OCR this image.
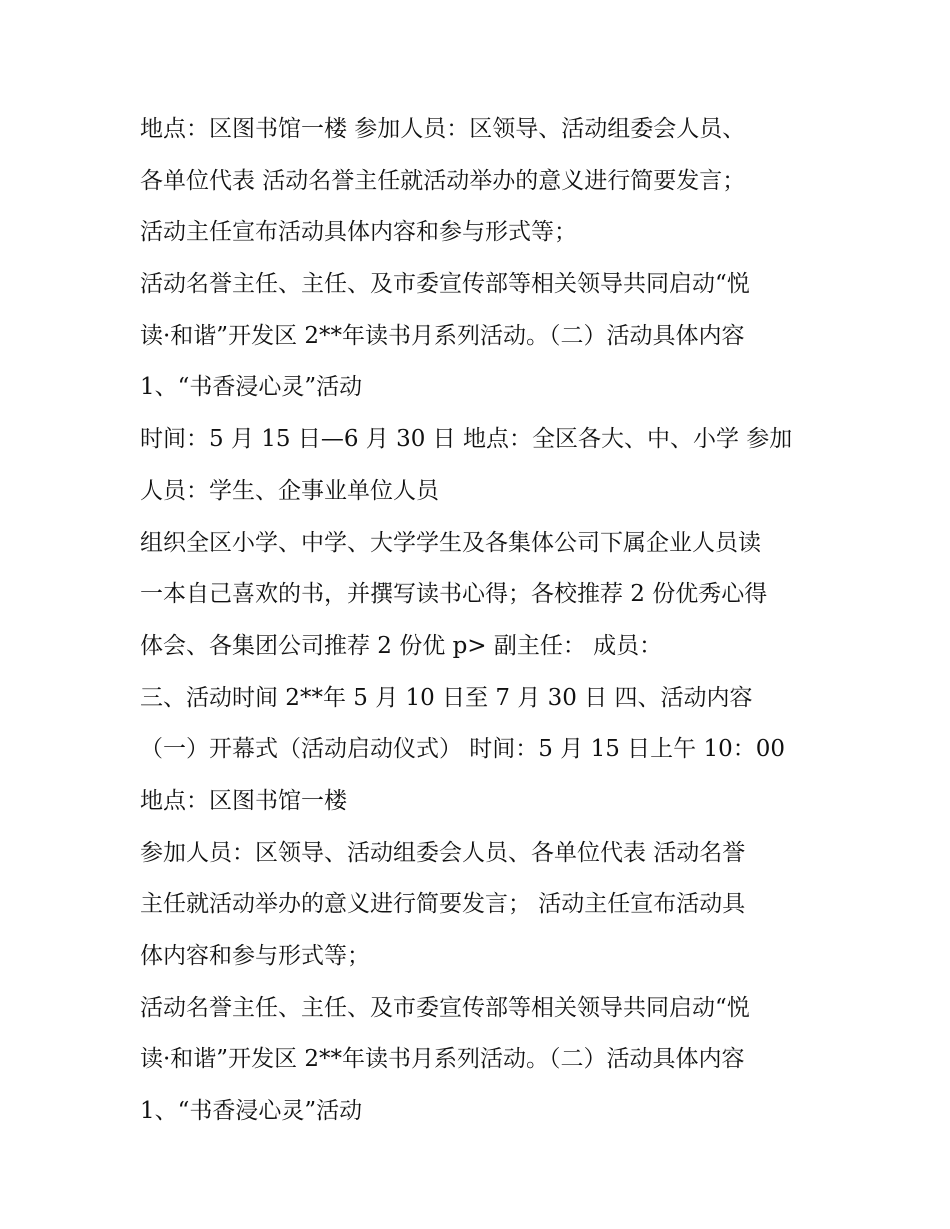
地点：区图书馆一楼 参加人员：区领导、活动组委会人员、
各单位代表 活动名誉主任就活动举办的意义进行简要发言；
活动主任宣布活动具体内容和参与形式等；
活动名誉主任、主任、及市委宣传部等相关领导共同启动“悦
读·和谐”开发区 2**年读书月系列活动。（二）活动具体内容
1、“书香浸心灵”活动
时间：5 月 15 日—6 月 30 日 地点：全区各大、中、小学 参加
人员：学生、企事业单位人员
组织全区小学、中学、大学学生及各集体公司下属企业人员读
一本自己喜欢的书，并撰写读书心得；各校推荐 2 份优秀心得
体会、各集团公司推荐 2 份优 p> 副主任： 成员：
三、活动时间 2**年 5 月 10 日至 7 月 30 日 四、活动内容
（一）开幕式（活动启动仪式） 时间：5 月 15 日上午 10：00
地点：区图书馆一楼
参加人员：区领导、活动组委会人员、各单位代表 活动名誉
主任就活动举办的意义进行简要发言； 活动主任宣布活动具
体内容和参与形式等；
活动名誉主任、主任、及市委宣传部等相关领导共同启动“悦
读·和谐”开发区 2**年读书月系列活动。（二）活动具体内容
1、“书香浸心灵”活动
